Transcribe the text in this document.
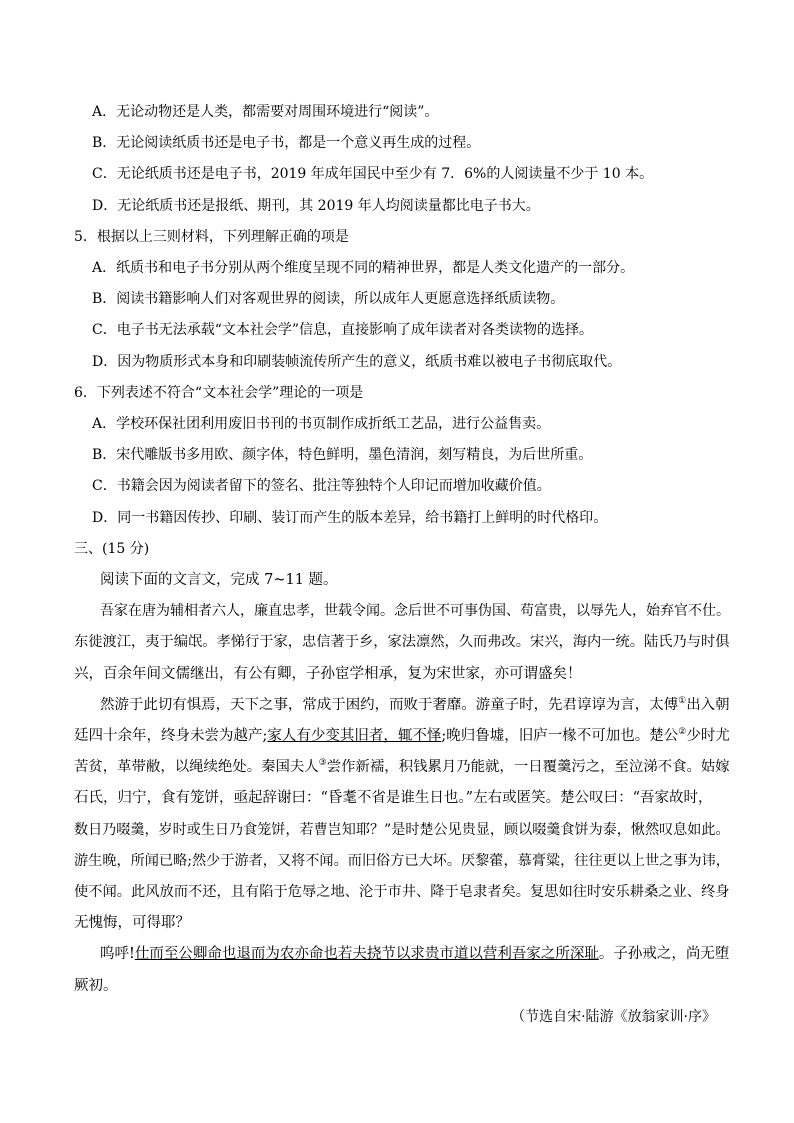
A．无论动物还是人类，都需要对周围环境进行“阅读”。
B．无论阅读纸质书还是电子书，都是一个意义再生成的过程。
C．无论纸质书还是电子书，2019 年成年国民中至少有 7．6%的人阅读量不少于 10 本。
D．无论纸质书还是报纸、期刊，其 2019 年人均阅读量都比电子书大。
5．根据以上三则材料，下列理解正确的项是
A．纸质书和电子书分别从两个维度呈现不同的精神世界，都是人类文化遗产的一部分。
B．阅读书籍影响人们对客观世界的阅读，所以成年人更愿意选择纸质读物。
C．电子书无法承载“文本社会学”信息，直接影响了成年读者对各类读物的选择。
D．因为物质形式本身和印刷装帧流传所产生的意义，纸质书难以被电子书彻底取代。
6．下列表述不符合“文本社会学”理论的一项是
A．学校环保社团利用废旧书刊的书页制作成折纸工艺品，进行公益售卖。
B．宋代雕版书多用欧、颜字体，特色鲜明，墨色清润，刻写精良，为后世所重。
C．书籍会因为阅读者留下的签名、批注等独特个人印记而增加收藏价值。
D．同一书籍因传抄、印刷、装订而产生的版本差异，给书籍打上鲜明的时代格印。
三、(15 分)
阅读下面的文言文，完成 7~11 题。
吾家在唐为辅相者六人，廉直忠孝，世载令闻。念后世不可事伪国、苟富贵，以辱先人，始弃官不仕。
东徙渡江，夷于编氓。孝悌行于家，忠信著于乡，家法凛然，久而弗改。宋兴，海内一统。陆氏乃与时俱
兴，百余年间文儒继出，有公有卿，子孙宦学相承，复为宋世家，亦可谓盛矣！
然游于此切有惧焉，天下之事，常成于困约，而败于奢靡。游童子时，先君谆谆为言，太傅①出入朝
廷四十余年，终身未尝为越产;家人有少变其旧者，辄不怿;晚归鲁墟，旧庐一椽不可加也。楚公②少时尤
苦贫，革带敝，以绳续绝处。秦国夫人③尝作新襦，积钱累月乃能就，一日覆羹污之，至泣涕不食。姑嫁
石氏，归宁，食有笼饼，亟起辞谢曰：“昏耄不省是谁生日也。”左右或匿笑。楚公叹曰：“吾家故时，
数日乃啜羹，岁时或生日乃食笼饼，若曹岂知耶？”是时楚公见贵显，顾以啜羹食饼为泰，愀然叹息如此。
游生晚，所闻已略;然少于游者，又将不闻。而旧俗方已大坏。厌黎藿，慕膏粱，往往更以上世之事为讳，
使不闻。此风放而不还，且有陷于危辱之地、沦于市井、降于皂隶者矣。复思如往时安乐耕桑之业、终身
无愧悔，可得耶？
呜呼!仕而至公卿命也退而为农亦命也若夫挠节以求贵市道以营利吾家之所深耻。子孙戒之，尚无堕
厥初。
（节选自宋·陆游《放翁家训·序》
